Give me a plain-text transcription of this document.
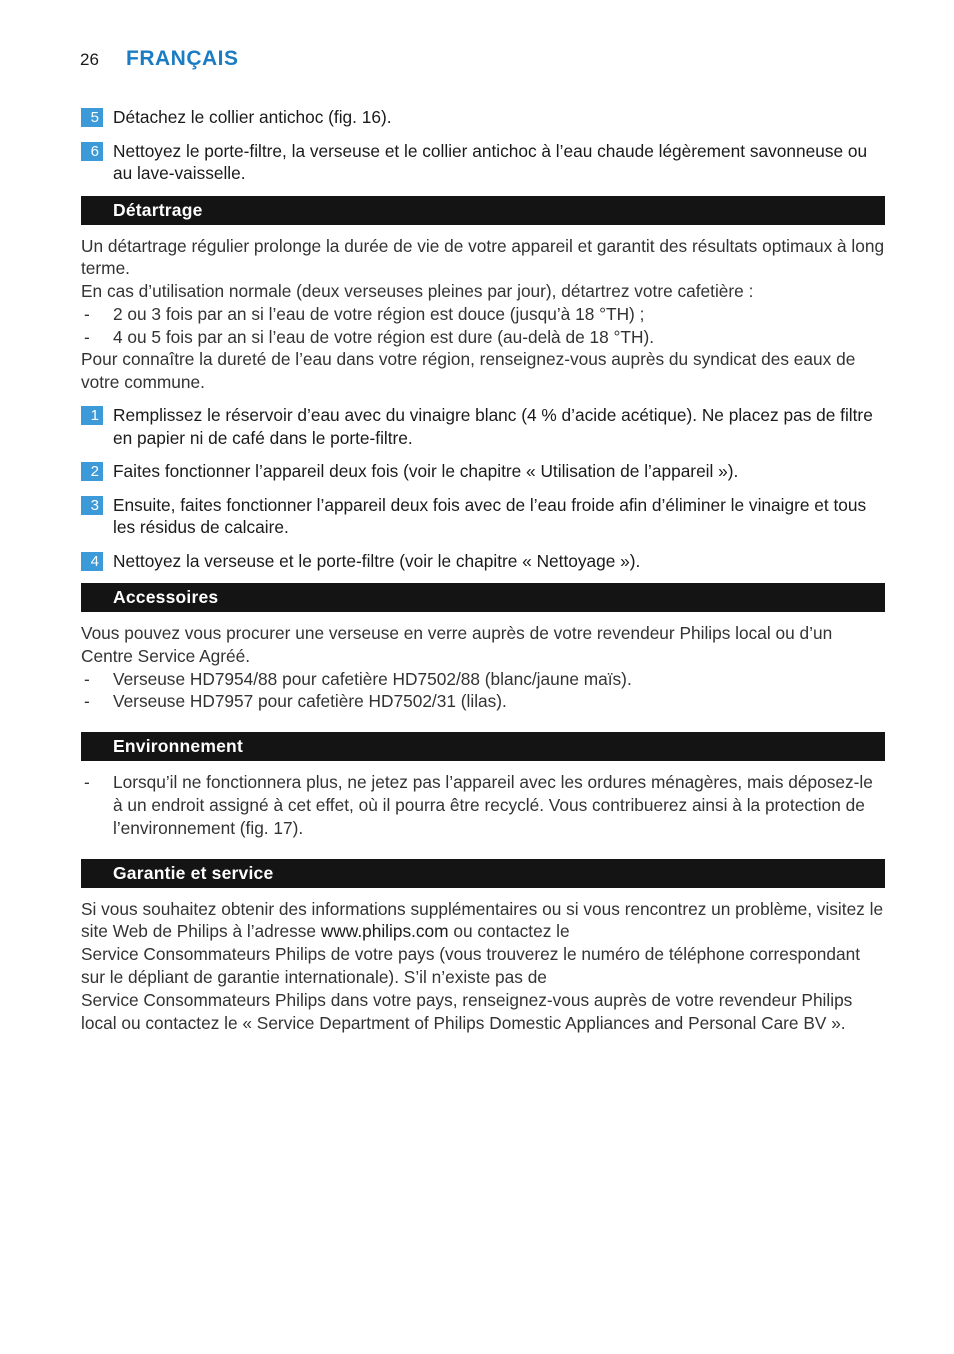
26 FRANÇAIS
5 Détachez le collier antichoc (fig. 16).
6 Nettoyez le porte-filtre, la verseuse et le collier antichoc à l’eau chaude légèrement savonneuse ou au lave-vaisselle.
Détartrage

Un détartrage régulier prolonge la durée de vie de votre appareil et garantit des résultats optimaux à long terme.

En cas d’utilisation normale (deux verseuses pleines par jour), détartrez votre cafetière :

- 2 ou 3 fois par an si l’eau de votre région est douce (jusqu’à 18 °TH) ;
- 4 ou 5 fois par an si l’eau de votre région est dure (au-delà de 18 °TH).

Pour connaître la dureté de l’eau dans votre région, renseignez-vous auprès du syndicat des eaux de votre commune.

1 Remplissez le réservoir d’eau avec du vinaigre blanc (4 % d’acide acétique). Ne placez pas de filtre en papier ni de café dans le porte-filtre.
2 Faites fonctionner l’appareil deux fois (voir le chapitre « Utilisation de l’appareil »).
3 Ensuite, faites fonctionner l’appareil deux fois avec de l’eau froide afin d’éliminer le vinaigre et tous les résidus de calcaire.
4 Nettoyez la verseuse et le porte-filtre (voir le chapitre « Nettoyage »).
Accessoires

Vous pouvez vous procurer une verseuse en verre auprès de votre revendeur Philips local ou d’un Centre Service Agréé.

- Verseuse HD7954/88 pour cafetière HD7502/88 (blanc/jaune maïs).
- Verseuse HD7957 pour cafetière HD7502/31 (lilas).
Environnement
- Lorsqu’il ne fonctionnera plus, ne jetez pas l’appareil avec les ordures ménagères, mais déposez-le à un endroit assigné à cet effet, où il pourra être recyclé. Vous contribuerez ainsi à la protection de l’environnement (fig. 17).
Garantie et service

Si vous souhaitez obtenir des informations supplémentaires ou si vous rencontrez un problème, visitez le site Web de Philips à l’adresse www.philips.com ou contactez le

Service Consommateurs Philips de votre pays (vous trouverez le numéro de téléphone correspondant sur le dépliant de garantie internationale). S’il n’existe pas de

Service Consommateurs Philips dans votre pays, renseignez-vous auprès de votre revendeur Philips local ou contactez le « Service Department of Philips Domestic Appliances and Personal Care BV ».
